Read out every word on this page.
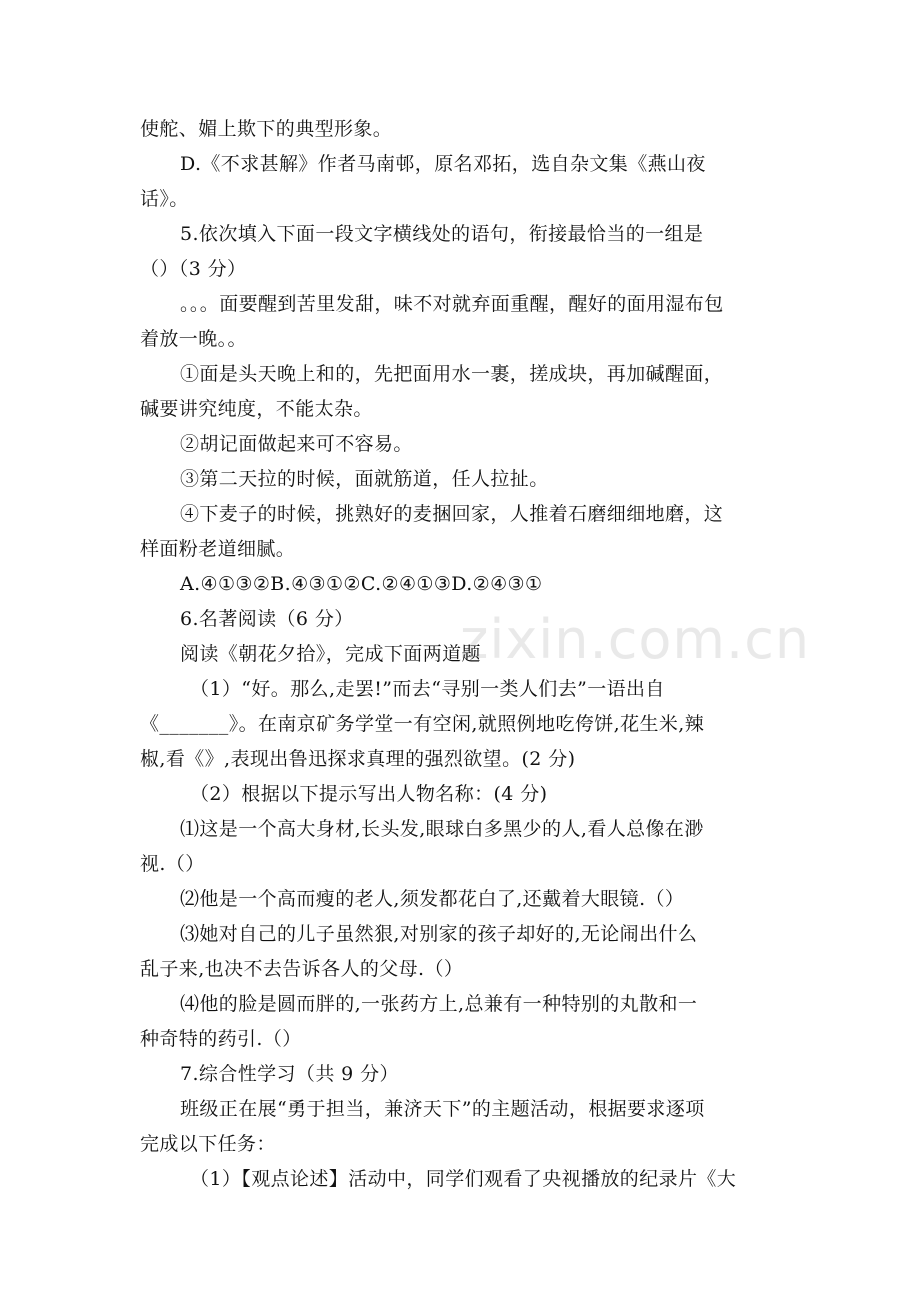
zixin.com.cn
使舵、媚上欺下的典型形象。
D.《不求甚解》作者马南邨，原名邓拓，选自杂文集《燕山夜
话》。
5.依次填入下面一段文字横线处的语句，衔接最恰当的一组是
（）（3 分）
。。。面要醒到苦里发甜，味不对就弃面重醒，醒好的面用湿布包
着放一晚。。
①面是头天晚上和的，先把面用水一裹，搓成块，再加碱醒面，
碱要讲究纯度，不能太杂。
②胡记面做起来可不容易。
③第二天拉的时候，面就筋道，任人拉扯。
④下麦子的时候，挑熟好的麦捆回家，人推着石磨细细地磨，这
样面粉老道细腻。
A.④①③②B.④③①②C.②④①③D.②④③①
6.名著阅读（6 分）
阅读《朝花夕拾》，完成下面两道题
（1）“好。那么,走罢!”而去“寻别一类人们去”一语出自
《_______》。在南京矿务学堂一有空闲,就照例地吃侉饼,花生米,辣
椒,看《》,表现出鲁迅探求真理的强烈欲望。(2 分)
（2）根据以下提示写出人物名称：(4 分)
⑴这是一个高大身材,长头发,眼球白多黑少的人,看人总像在渺
视.（）
⑵他是一个高而瘦的老人,须发都花白了,还戴着大眼镜.（）
⑶她对自己的儿子虽然狠,对别家的孩子却好的,无论闹出什么
乱子来,也决不去告诉各人的父母.（）
⑷他的脸是圆而胖的,一张药方上,总兼有一种特别的丸散和一
种奇特的药引.（）
7.综合性学习（共 9 分）
班级正在展“勇于担当，兼济天下”的主题活动，根据要求逐项
完成以下任务：
（1）【观点论述】活动中，同学们观看了央视播放的纪录片《大
